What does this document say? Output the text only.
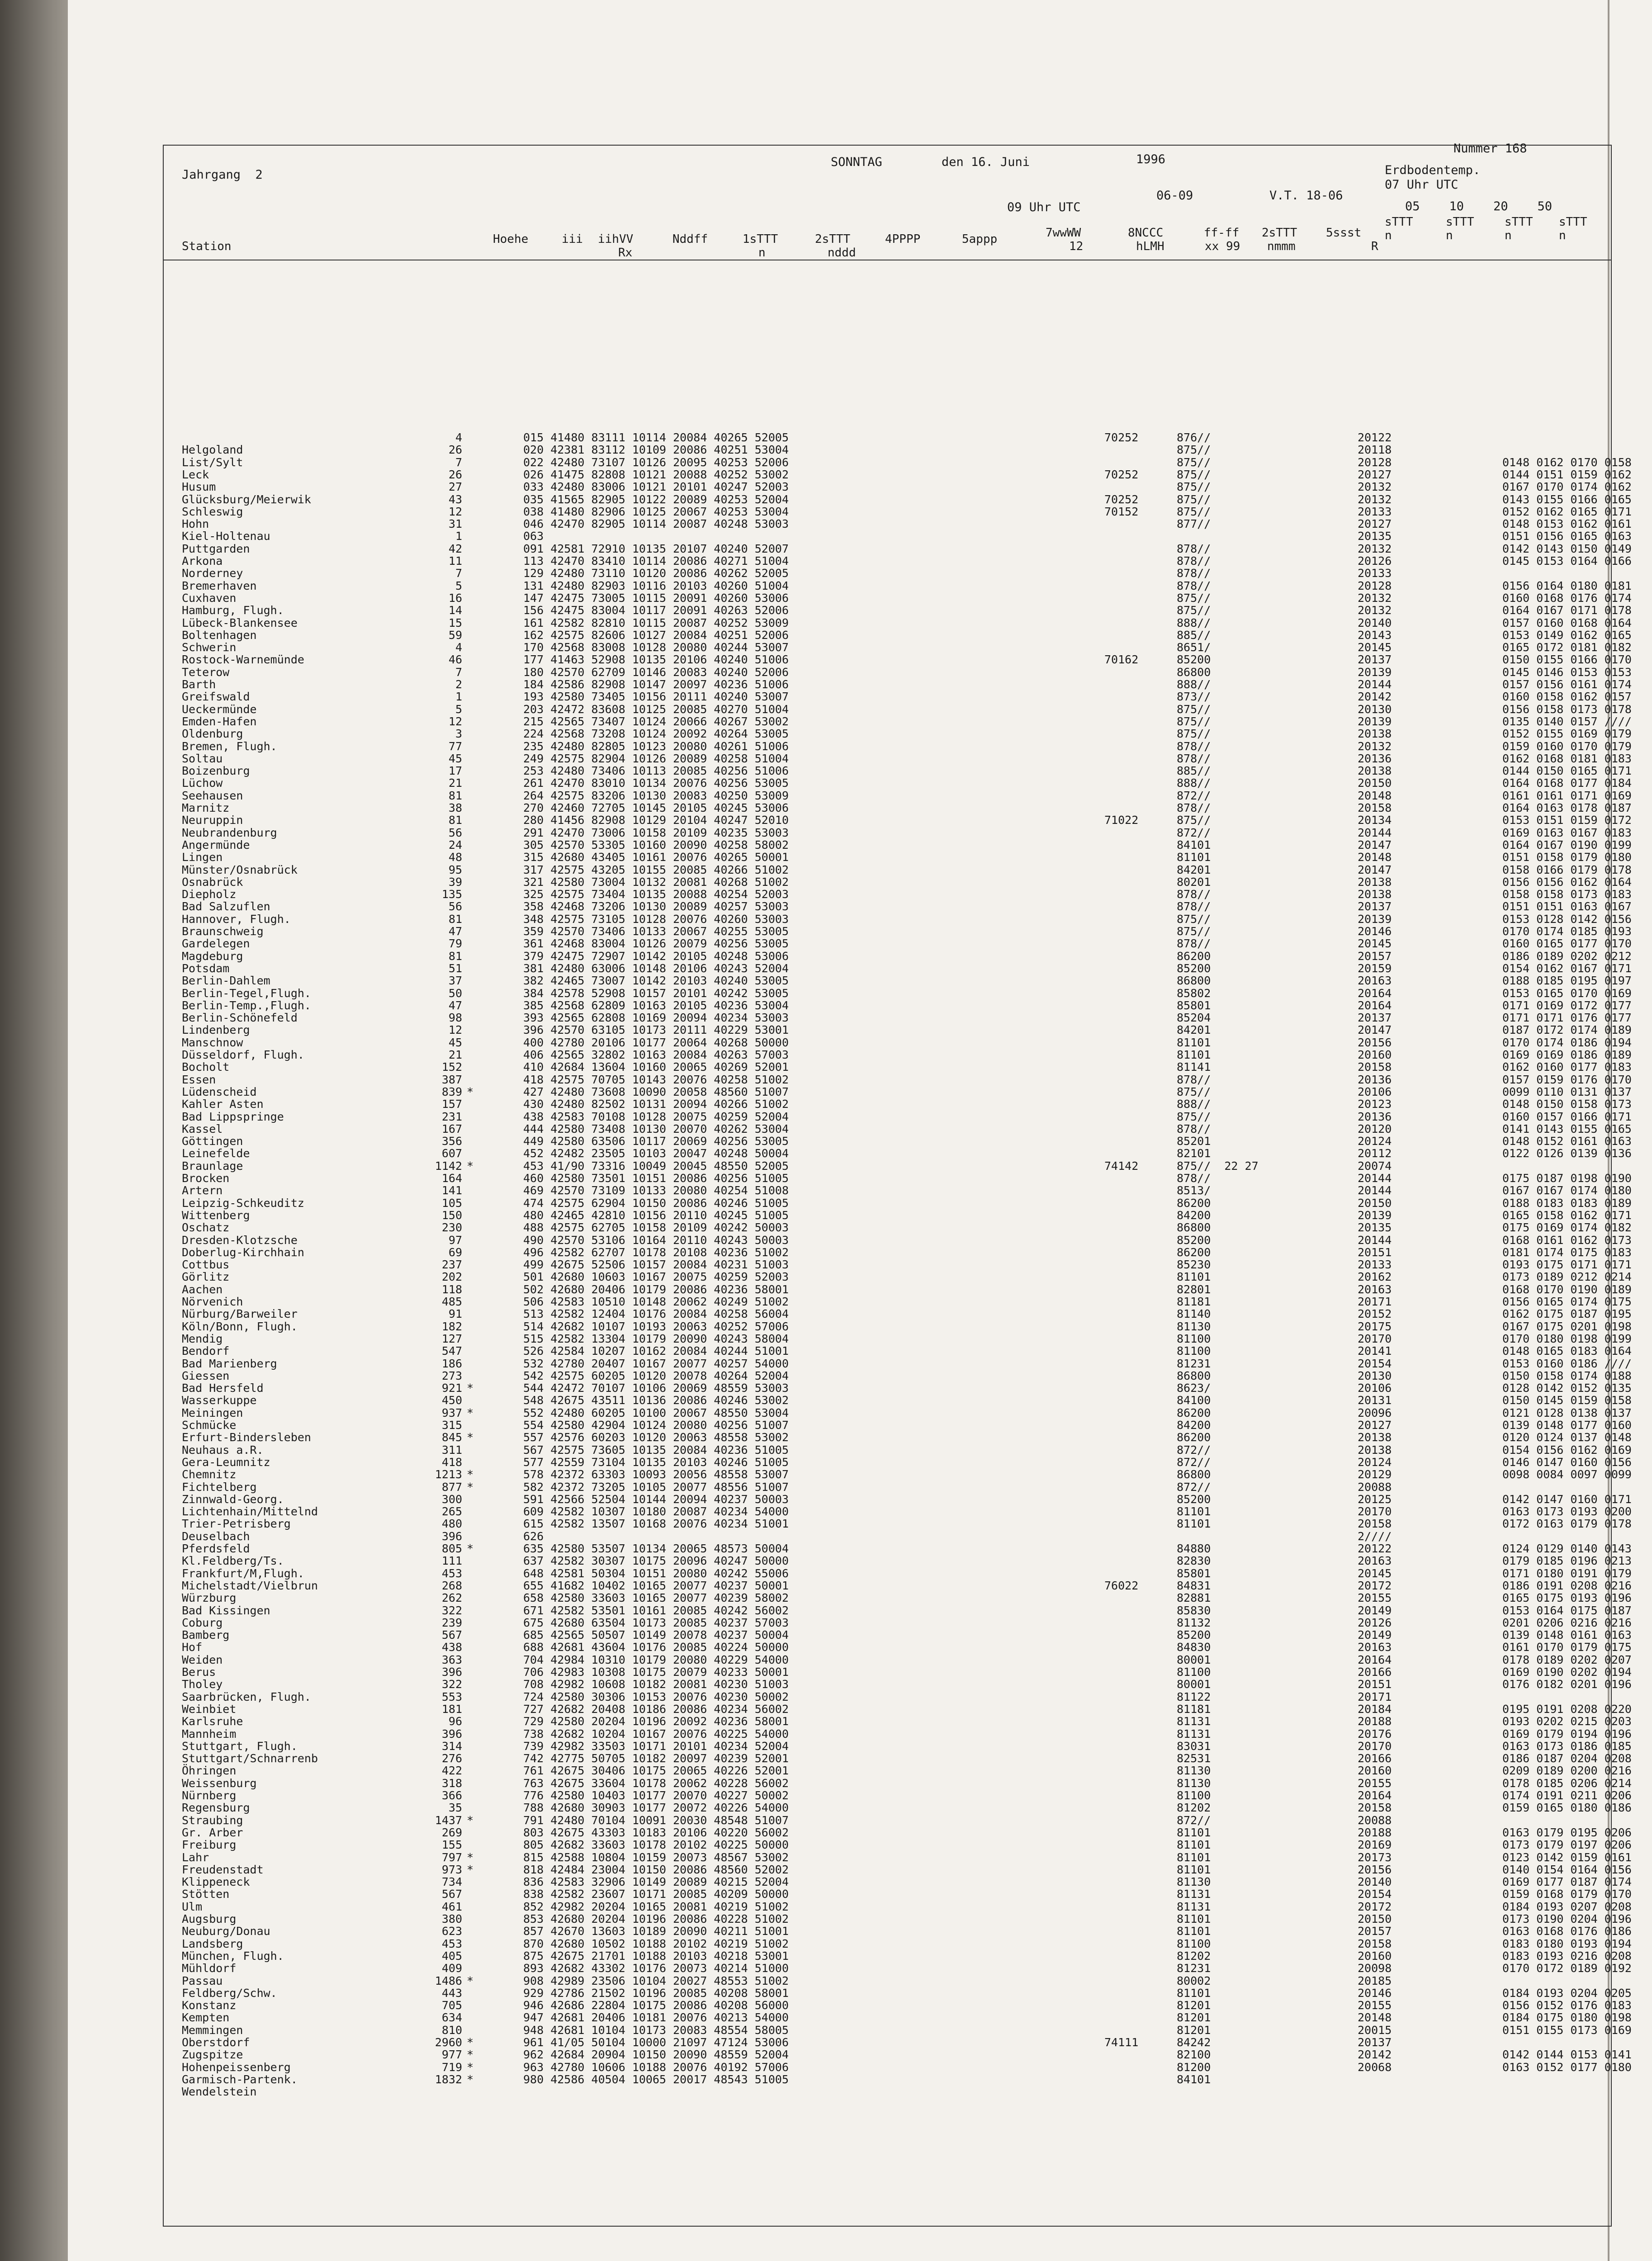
Jahrgang  2
SONNTAG	den 16. Juni	1996
Nummer 168
Erdbodentemp.
07 Uhr UTC
09 Uhr UTC
06-09	V.T. 18-06
05    10    20    50
Station
Hoehe	iii iihVV
Rx
Nddff	1sTTT
n
2sTTT
nddd
4PPPP	5appp	7wwWW
12
8NCCC
hLMH
ff-ff
xx 99
2sTTT
nmmm
5ssst
R
sTTT	sTTT	sTTT sTTT
n	n	n	n
4	015 41480 83111 10114 20084 40265 52005	70252	876//	20122
Helgoland	26	020 42381 83112 10109 20086 40251 53004	875//	20118
List/Sylt	7	022 42480 73107 10126 20095 40253 52006	875//	20128	0148 0162 0170 0158
Leck	26	026 41475 82808 10121 20088 40252 53002	70252	875//	20127	0144 0151 0159 0162
Husum	27	033 42480 83006 10121 20101 40247 52003	875//	20132	0167 0170 0174 0162
Glücksburg/Meierwik	43	035 41565 82905 10122 20089 40253 52004	70252	875//	20132	0143 0155 0166 0165
Schleswig	12	038 41480 82906 10125 20067 40253 53004	70152	875//	20133	0152 0162 0165 0171
Hohn	31	046 42470 82905 10114 20087 40248 53003	877//	20127	0148 0153 0162 0161
Kiel-Holtenau	1	063	20135	0151 0156 0165 0163
Puttgarden	42	091 42581 72910 10135 20107 40240 52007	878//	20132	0142 0143 0150 0149
Arkona	11	113 42470 83410 10114 20086 40271 51004	878//	20126	0145 0153 0164 0166
Norderney	7	129 42480 73110 10120 20086 40262 52005	878//	20133
Bremerhaven	5	131 42480 82903 10116 20103 40260 51004	878//	20128	0156 0164 0180 0181
Cuxhaven	16	147 42475 73005 10115 20091 40260 53006	875//	20132	0160 0168 0176 0174
Hamburg, Flugh.	14	156 42475 83004 10117 20091 40263 52006	875//	20132	0164 0167 0171 0178
Lübeck-Blankensee	15	161 42582 82810 10115 20087 40252 53009	888//	20140	0157 0160 0168 0164
Boltenhagen	59	162 42575 82606 10127 20084 40251 52006	885//	20143	0153 0149 0162 0165
Schwerin	4	170 42568 83008 10128 20080 40244 53007	8651/	20145	0165 0172 0181 0182
Rostock-Warnemünde	46	177 41463 52908 10135 20106 40240 51006	70162	85200	20137	0150 0155 0166 0170
Teterow	7	180 42570 62709 10146 20083 40240 52006	86800	20139	0145 0146 0153 0153
Barth	2	184 42586 82908 10147 20097 40236 51006	888//	20144	0157 0156 0161 0174
Greifswald	1	193 42580 73405 10156 20111 40240 53007	873//	20142	0160 0158 0162 0157
Ueckermünde	5	203 42472 83608 10125 20085 40270 51004	875//	20130	0156 0158 0173 0178
Emden-Hafen	12	215 42565 73407 10124 20066 40267 53002	875//	20139	0135 0140 0157 ////
Oldenburg	3	224 42568 73208 10124 20092 40264 53005	875//	20138	0152 0155 0169 0179
Bremen, Flugh.	77	235 42480 82805 10123 20080 40261 51006	878//	20132	0159 0160 0170 0179
Soltau	45	249 42575 82904 10126 20089 40258 51004	878//	20136	0162 0168 0181 0183
Boizenburg	17	253 42480 73406 10113 20085 40256 51006	885//	20138	0144 0150 0165 0171
Lüchow	21	261 42470 83010 10134 20076 40256 53005	888//	20150	0164 0168 0177 0184
Seehausen	81	264 42575 83206 10130 20083 40250 53009	872//	20148	0161 0161 0171 0169
Marnitz	38	270 42460 72705 10145 20105 40245 53006	878//	20158	0164 0163 0178 0187
Neuruppin	81	280 41456 82908 10129 20104 40247 52010	71022	875//	20134	0153 0151 0159 0172
Neubrandenburg	56	291 42470 73006 10158 20109 40235 53003	872//	20144	0169 0163 0167 0183
Angermünde	24	305 42570 53305 10160 20090 40258 58002	84101	20147	0164 0167 0190 0199
Lingen	48	315 42680 43405 10161 20076 40265 50001	81101	20148	0151 0158 0179 0180
Münster/Osnabrück	95	317 42575 43205 10155 20085 40266 51002	84201	20147	0158 0166 0179 0178
Osnabrück	39	321 42580 73004 10132 20081 40268 51002	80201	20138	0156 0156 0162 0164
Diepholz	135	325 42575 73404 10135 20088 40254 52003	878//	20138	0158 0158 0173 0183
Bad Salzuflen	56	358 42468 73206 10130 20089 40257 53003	878//	20137	0151 0151 0163 0167
Hannover, Flugh.	81	348 42575 73105 10128 20076 40260 53003	875//	20139	0153 0128 0142 0156
Braunschweig	47	359 42570 73406 10133 20067 40255 53005	875//	20146	0170 0174 0185 0193
Gardelegen	79	361 42468 83004 10126 20079 40256 53005	878//	20145	0160 0165 0177 0170
Magdeburg	81	379 42475 72907 10142 20105 40248 53006	86200	20157	0186 0189 0202 0212
Potsdam	51	381 42480 63006 10148 20106 40243 52004	85200	20159	0154 0162 0167 0171
Berlin-Dahlem	37	382 42465 73007 10142 20103 40240 53005	86800	20163	0188 0185 0195 0197
Berlin-Tegel,Flugh.	50	384 42578 52908 10157 20101 40242 53005	85802	20164	0153 0165 0170 0169
Berlin-Temp.,Flugh.	47	385 42568 62809 10163 20105 40236 53004	85801	20164	0171 0169 0172 0177
Berlin-Schönefeld	98	393 42565 62808 10169 20094 40234 53003	85204	20137	0171 0171 0176 0177
Lindenberg	12	396 42570 63105 10173 20111 40229 53001	84201	20147	0187 0172 0174 0189
Manschnow	45	400 42780 20106 10177 20064 40268 50000	81101	20156	0170 0174 0186 0194
Düsseldorf, Flugh.	21	406 42565 32802 10163 20084 40263 57003	81101	20160	0169 0169 0186 0189
Bocholt	152	410 42684 13604 10160 20065 40269 52001	81141	20158	0162 0160 0177 0183
Essen	387	418 42575 70705 10143 20076 40258 51002	878//	20136	0157 0159 0176 0170
Lüdenscheid	839 *	427 42480 73608 10090 20058 48560 51007	875//	20106	0099 0110 0131 0137
Kahler Asten	157	430 42480 82502 10131 20094 40266 51002	888//	20123	0148 0150 0158 0173
Bad Lippspringe	231	438 42583 70108 10128 20075 40259 52004	875//	20136	0160 0157 0166 0171
Kassel	167	444 42580 73408 10130 20070 40262 53004	878//	20120	0141 0143 0155 0165
Göttingen	356	449 42580 63506 10117 20069 40256 53005	85201	20124	0148 0152 0161 0163
Leinefelde	607	452 42482 23505 10103 20047 40248 50004	82101	20112	0122 0126 0139 0136
Braunlage	1142 *	453 41/90 73316 10049 20045 48550 52005	74142	875//  22 27	20074
Brocken	164	460 42580 73501 10151 20086 40256 51005	878//	20144	0175 0187 0198 0190
Artern	141	469 42570 73109 10133 20080 40254 51008	8513/	20144	0167 0167 0174 0180
Leipzig-Schkeuditz	105	474 42575 62904 10150 20086 40246 51005	86200	20150	0188 0183 0183 0189
Wittenberg	150	480 42465 42810 10156 20110 40245 51005	84200	20139	0165 0158 0162 0171
Oschatz	230	488 42575 62705 10158 20109 40242 50003	86800	20135	0175 0169 0174 0182
Dresden-Klotzsche	97	490 42570 53106 10164 20110 40243 50003	85200	20144	0168 0161 0162 0173
Doberlug-Kirchhain	69	496 42582 62707 10178 20108 40236 51002	86200	20151	0181 0174 0175 0183
Cottbus	237	499 42675 52506 10157 20084 40231 51003	85230	20133	0193 0175 0171 0171
Görlitz	202	501 42680 10603 10167 20075 40259 52003	81101	20162	0173 0189 0212 0214
Aachen	118	502 42680 20406 10179 20086 40236 58001	82801	20163	0168 0170 0190 0189
Nörvenich	485	506 42583 10510 10148 20062 40249 51002	81181	20171	0156 0165 0174 0175
Nürburg/Barweiler	91	513 42582 12404 10176 20084 40258 56004	81140	20152	0162 0175 0187 0195
Köln/Bonn, Flugh.	182	514 42682 10107 10193 20063 40252 57006	81130	20175	0167 0175 0201 0198
Mendig	127	515 42582 13304 10179 20090 40243 58004	81100	20170	0170 0180 0198 0199
Bendorf	547	526 42584 10207 10162 20084 40244 51001	81100	20141	0148 0165 0183 0164
Bad Marienberg	186	532 42780 20407 10167 20077 40257 54000	81231	20154	0153 0160 0186 ////
Giessen	273	542 42575 60205 10120 20078 40264 52004	86800	20130	0150 0158 0174 0188
Bad Hersfeld	921 *	544 42472 70107 10106 20069 48559 53003	8623/	20106	0128 0142 0152 0135
Wasserkuppe	450	548 42675 43511 10136 20086 40246 53002	84100	20131	0150 0145 0159 0158
Meiningen	937 *	552 42480 60205 10100 20067 48550 53004	86200	20096	0121 0128 0138 0137
Schmücke	315	554 42580 42904 10124 20080 40256 51007	84200	20127	0139 0148 0177 0160
Erfurt-Bindersleben	845 *	557 42576 60203 10120 20063 48558 53002	86200	20138	0120 0124 0137 0148
Neuhaus a.R.	311	567 42575 73605 10135 20084 40236 51005	872//	20138	0154 0156 0162 0169
Gera-Leumnitz	418	577 42559 73104 10135 20103 40246 51005	872//	20124	0146 0147 0160 0156
Chemnitz	1213 *	578 42372 63303 10093 20056 48558 53007	86800	20129	0098 0084 0097 0099
Fichtelberg	877 *	582 42372 73205 10105 20077 48556 51007	872//	20088
Zinnwald-Georg.	300	591 42566 52504 10144 20094 40237 50003	85200	20125	0142 0147 0160 0171
Lichtenhain/Mittelnd	265	609 42582 10307 10180 20087 40234 54000	81101	20170	0163 0173 0193 0200
Trier-Petrisberg	480	615 42582 13507 10168 20076 40234 51001	81101	20158	0172 0163 0179 0178
Deuselbach	396	626	2////
Pferdsfeld	805 *	635 42580 53507 10134 20065 48573 50004	84880	20122	0124 0129 0140 0143
Kl.Feldberg/Ts.	111	637 42582 30307 10175 20096 40247 50000	82830	20163	0179 0185 0196 0213
Frankfurt/M,Flugh.	453	648 42581 50304 10151 20080 40242 55006	85801	20145	0171 0180 0191 0179
Michelstadt/Vielbrun	268	655 41682 10402 10165 20077 40237 50001	76022	84831	20172	0186 0191 0208 0216
Würzburg	262	658 42580 33603 10165 20077 40239 58002	82881	20155	0165 0175 0193 0196
Bad Kissingen	322	671 42582 53501 10161 20085 40242 56002	85830	20149	0153 0164 0175 0187
Coburg	239	675 42680 63504 10173 20085 40237 57003	81132	20126	0201 0206 0216 0216
Bamberg	567	685 42565 50507 10149 20078 40237 50004	85200	20149	0139 0148 0161 0163
Hof	438	688 42681 43604 10176 20085 40224 50000	84830	20163	0161 0170 0179 0175
Weiden	363	704 42984 10310 10179 20080 40229 54000	80001	20164	0178 0189 0202 0207
Berus	396	706 42983 10308 10175 20079 40233 50001	81100	20166	0169 0190 0202 0194
Tholey	322	708 42982 10608 10182 20081 40230 51003	80001	20151	0176 0182 0201 0196
Saarbrücken, Flugh.	553	724 42580 30306 10153 20076 40230 50002	81122	20171
Weinbiet	181	727 42682 20408 10186 20086 40234 56002	81181	20184	0195 0191 0208 0220
Karlsruhe	96	729 42580 20204 10196 20092 40236 58001	81131	20188	0193 0202 0215 0203
Mannheim	396	738 42682 10204 10167 20076 40225 54000	81131	20176	0169 0179 0194 0196
Stuttgart, Flugh.	314	739 42982 33503 10171 20101 40234 52004	83031	20170	0163 0173 0186 0185
Stuttgart/Schnarrenb	276	742 42775 50705 10182 20097 40239 52001	82531	20166	0186 0187 0204 0208
Öhringen	422	761 42675 30406 10175 20065 40226 52001	81130	20160	0209 0189 0200 0216
Weissenburg	318	763 42675 33604 10178 20062 40228 56002	81130	20155	0178 0185 0206 0214
Nürnberg	366	776 42580 10403 10177 20070 40227 50002	81100	20164	0174 0191 0211 0206
Regensburg	35	788 42680 30903 10177 20072 40226 54000	81202	20158	0159 0165 0180 0186
Straubing	1437 *	791 42480 70104 10091 20030 48548 51007	872//	20088
Gr. Arber	269	803 42675 43303 10183 20106 40220 56002	81101	20188	0163 0179 0195 0206
Freiburg	155	805 42682 33603 10178 20102 40225 50000	81101	20169	0173 0179 0197 0206
Lahr	797 *	815 42588 10804 10159 20073 48567 53002	81101	20173	0123 0142 0159 0161
Freudenstadt	973 *	818 42484 23004 10150 20086 48560 52002	81101	20156	0140 0154 0164 0156
Klippeneck	734	836 42583 32906 10149 20089 40215 52004	81130	20140	0169 0177 0187 0174
Stötten	567	838 42582 23607 10171 20085 40209 50000	81131	20154	0159 0168 0179 0170
Ulm	461	852 42982 20204 10165 20081 40219 51002	81131	20172	0184 0193 0207 0208
Augsburg	380	853 42680 20204 10196 20086 40228 51002	81101	20150	0173 0190 0204 0196
Neuburg/Donau	623	857 42670 13603 10189 20090 40211 51001	81101	20157	0163 0168 0176 0186
Landsberg	453	870 42680 10502 10188 20102 40219 51002	81100	20158	0183 0180 0193 0194
München, Flugh.	405	875 42675 21701 10188 20103 40218 53001	81202	20160	0183 0193 0216 0208
Mühldorf	409	893 42682 43302 10176 20073 40214 51000	81231	20098	0170 0172 0189 0192
Passau	1486 *	908 42989 23506 10104 20027 48553 51002	80002	20185
Feldberg/Schw.	443	929 42786 21502 10196 20085 40208 58001	81101	20146	0184 0193 0204 0205
Konstanz	705	946 42686 22804 10175 20086 40208 56000	81201	20155	0156 0152 0176 0183
Kempten	634	947 42681 20406 10181 20076 40213 54000	81201	20148	0184 0175 0180 0198
Memmingen	810	948 42681 10104 10173 20083 48554 58005	81201	20015	0151 0155 0173 0169
Oberstdorf	2960 *	961 41/05 50104 10000 21097 47124 53006	74111	84242	20137
Zugspitze	977 *	962 42684 20904 10150 20090 48559 52004	82100	20142	0142 0144 0153 0141
Hohenpeissenberg	719 *	963 42780 10606 10188 20076 40192 57006	81200	20068	0163 0152 0177 0180
Garmisch-Partenk.	1832 *	980 42586 40504 10065 20017 48543 51005	84101
Wendelstein
